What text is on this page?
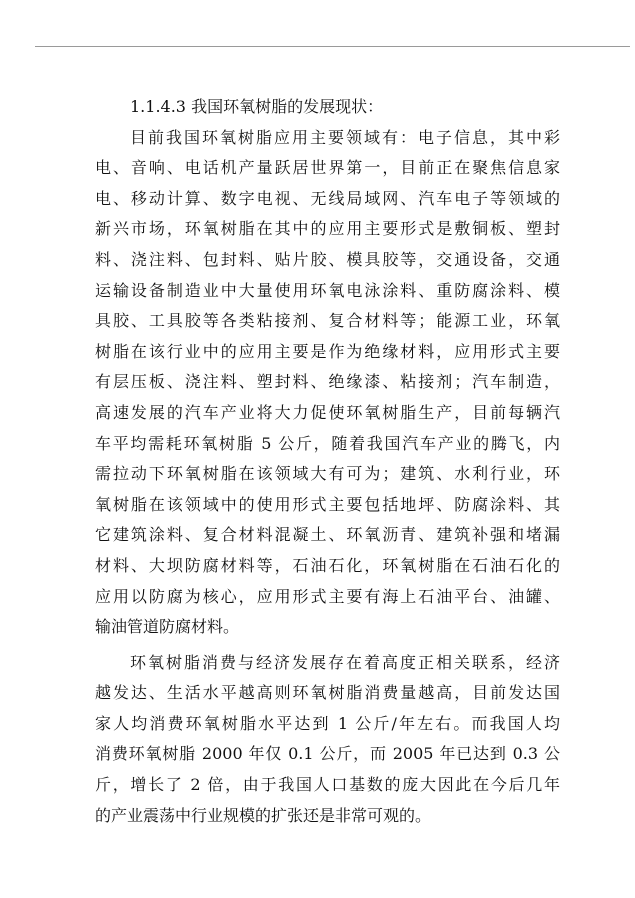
1.1.4.3 我国环氧树脂的发展现状：
目前我国环氧树脂应用主要领域有：电子信息，其中彩
电、音响、电话机产量跃居世界第一，目前正在聚焦信息家
电、移动计算、数字电视、无线局域网、汽车电子等领域的
新兴市场，环氧树脂在其中的应用主要形式是敷铜板、塑封
料、浇注料、包封料、贴片胶、模具胶等，交通设备，交通
运输设备制造业中大量使用环氧电泳涂料、重防腐涂料、模
具胶、工具胶等各类粘接剂、复合材料等；能源工业，环氧
树脂在该行业中的应用主要是作为绝缘材料，应用形式主要
有层压板、浇注料、塑封料、绝缘漆、粘接剂；汽车制造，
高速发展的汽车产业将大力促使环氧树脂生产，目前每辆汽
车平均需耗环氧树脂 5 公斤，随着我国汽车产业的腾飞，内
需拉动下环氧树脂在该领域大有可为；建筑、水利行业，环
氧树脂在该领域中的使用形式主要包括地坪、防腐涂料、其
它建筑涂料、复合材料混凝土、环氧沥青、建筑补强和堵漏
材料、大坝防腐材料等，石油石化，环氧树脂在石油石化的
应用以防腐为核心，应用形式主要有海上石油平台、油罐、
输油管道防腐材料。
环氧树脂消费与经济发展存在着高度正相关联系，经济
越发达、生活水平越高则环氧树脂消费量越高，目前发达国
家人均消费环氧树脂水平达到 1 公斤/年左右。而我国人均
消费环氧树脂 2000 年仅 0.1 公斤，而 2005 年已达到 0.3 公
斤，增长了 2 倍，由于我国人口基数的庞大因此在今后几年
的产业震荡中行业规模的扩张还是非常可观的。
